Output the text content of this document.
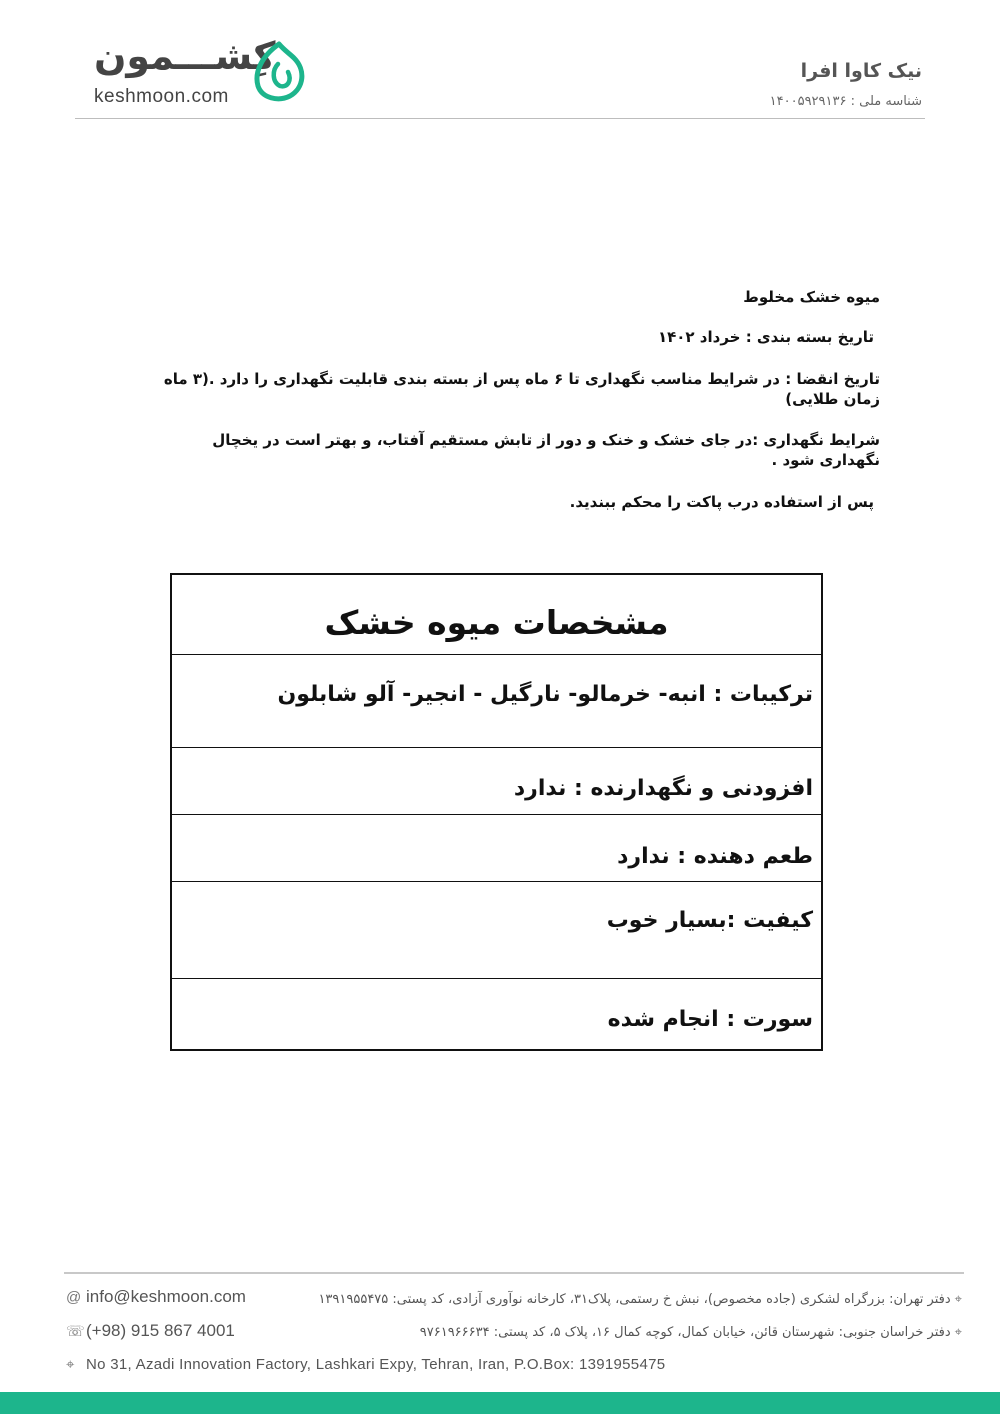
کِشـــمون
keshmoon.com
نیک کاوا افرا
شناسه ملی : ۱۴۰۰۵۹۲۹۱۳۶
میوه خشک مخلوط
تاریخ بسته بندی : خرداد ۱۴۰۲
تاریخ انقضا : در شرایط مناسب نگهداری تا ۶ ماه پس از بسته بندی قابلیت نگهداری را دارد .(۳ ماه زمان طلایی)
شرایط نگهداری :در جای خشک و خنک و دور از تابش مستقیم آفتاب، و بهتر است در یخچال نگهداری شود .
پس از استفاده درب پاکت را محکم ببندید.
مشخصات میوه خشک
ترکیبات : انبه- خرمالو- نارگیل - انجیر- آلو شابلون
افزودنی و نگهدارنده : ندارد
طعم دهنده : ندارد
کیفیت :بسیار خوب
سورت : انجام شده
@ info@keshmoon.com
☏(+98) 915 867 4001
⌖ No 31, Azadi Innovation Factory, Lashkari Expy, Tehran, Iran, P.O.Box: 1391955475
⌖دفتر تهران: بزرگراه لشکری (جاده مخصوص)، نبش خ رستمی، پلاک۳۱، کارخانه نوآوری آزادی، کد پستی: ۱۳۹۱۹۵۵۴۷۵
⌖دفتر خراسان جنوبی: شهرستان قائن، خیابان کمال، کوچه کمال ۱۶، پلاک ۵، کد پستی: ۹۷۶۱۹۶۶۶۳۴
